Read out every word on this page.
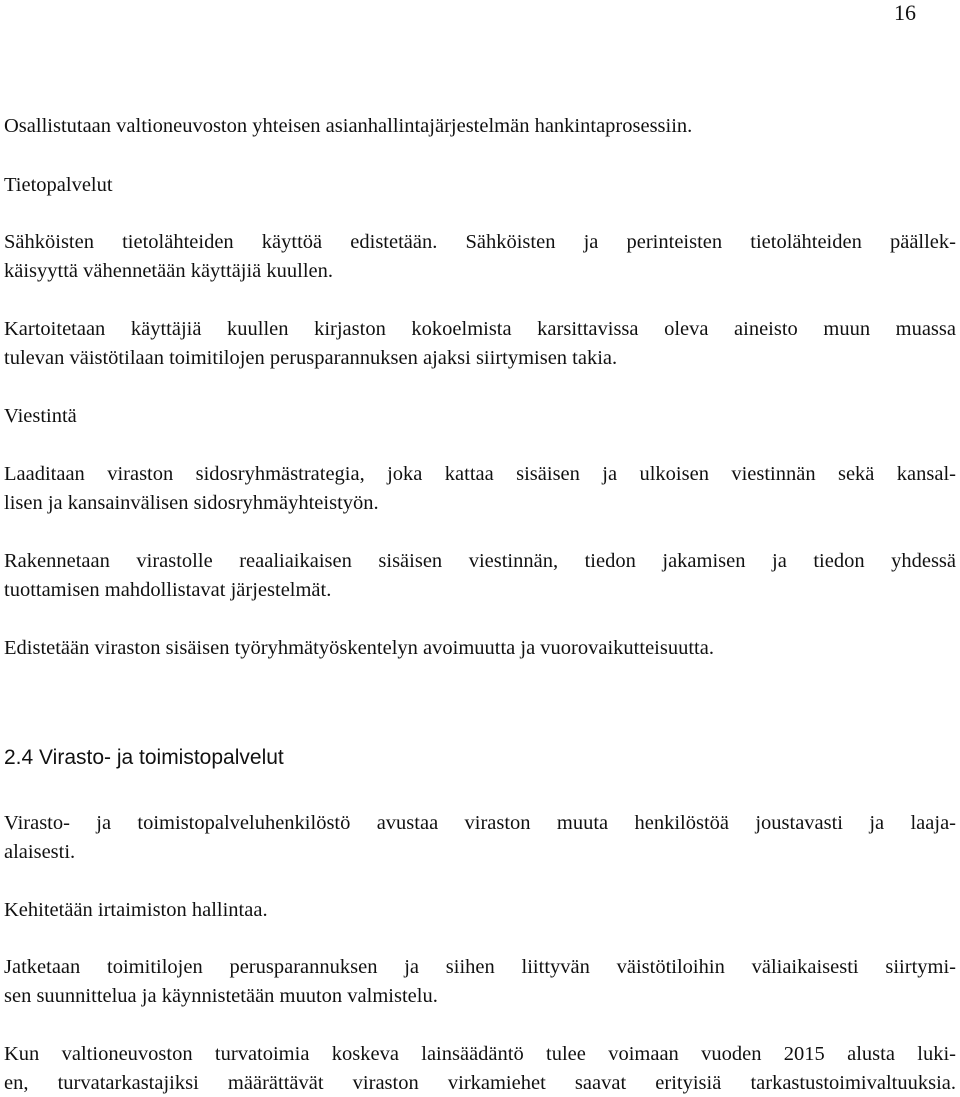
16

Osallistutaan valtioneuvoston yhteisen asianhallintajärjestelmän hankintaprosessiin.

Tietopalvelut

Sähköisten tietolähteiden käyttöä edistetään. Sähköisten ja perinteisten tietolähteiden päällek-

käisyyttä vähennetään käyttäjiä kuullen.

Kartoitetaan käyttäjiä kuullen kirjaston kokoelmista karsittavissa oleva aineisto muun muassa

tulevan väistötilaan toimitilojen perusparannuksen ajaksi siirtymisen takia.

Viestintä

Laaditaan viraston sidosryhmästrategia, joka kattaa sisäisen ja ulkoisen viestinnän sekä kansal-

lisen ja kansainvälisen sidosryhmäyhteistyön.

Rakennetaan virastolle reaaliaikaisen sisäisen viestinnän, tiedon jakamisen ja tiedon yhdessä

tuottamisen mahdollistavat järjestelmät.

Edistetään viraston sisäisen työryhmätyöskentelyn avoimuutta ja vuorovaikutteisuutta.

2.4 Virasto- ja toimistopalvelut

Virasto- ja toimistopalveluhenkilöstö avustaa viraston muuta henkilöstöä joustavasti ja laaja-

alaisesti.

Kehitetään irtaimiston hallintaa.

Jatketaan toimitilojen perusparannuksen ja siihen liittyvän väistötiloihin väliaikaisesti siirtymi-

sen suunnittelua ja käynnistetään muuton valmistelu.

Kun valtioneuvoston turvatoimia koskeva lainsäädäntö tulee voimaan vuoden 2015 alusta luki-

en, turvatarkastajiksi määrättävät viraston virkamiehet saavat erityisiä tarkastustoimivaltuuksia.
